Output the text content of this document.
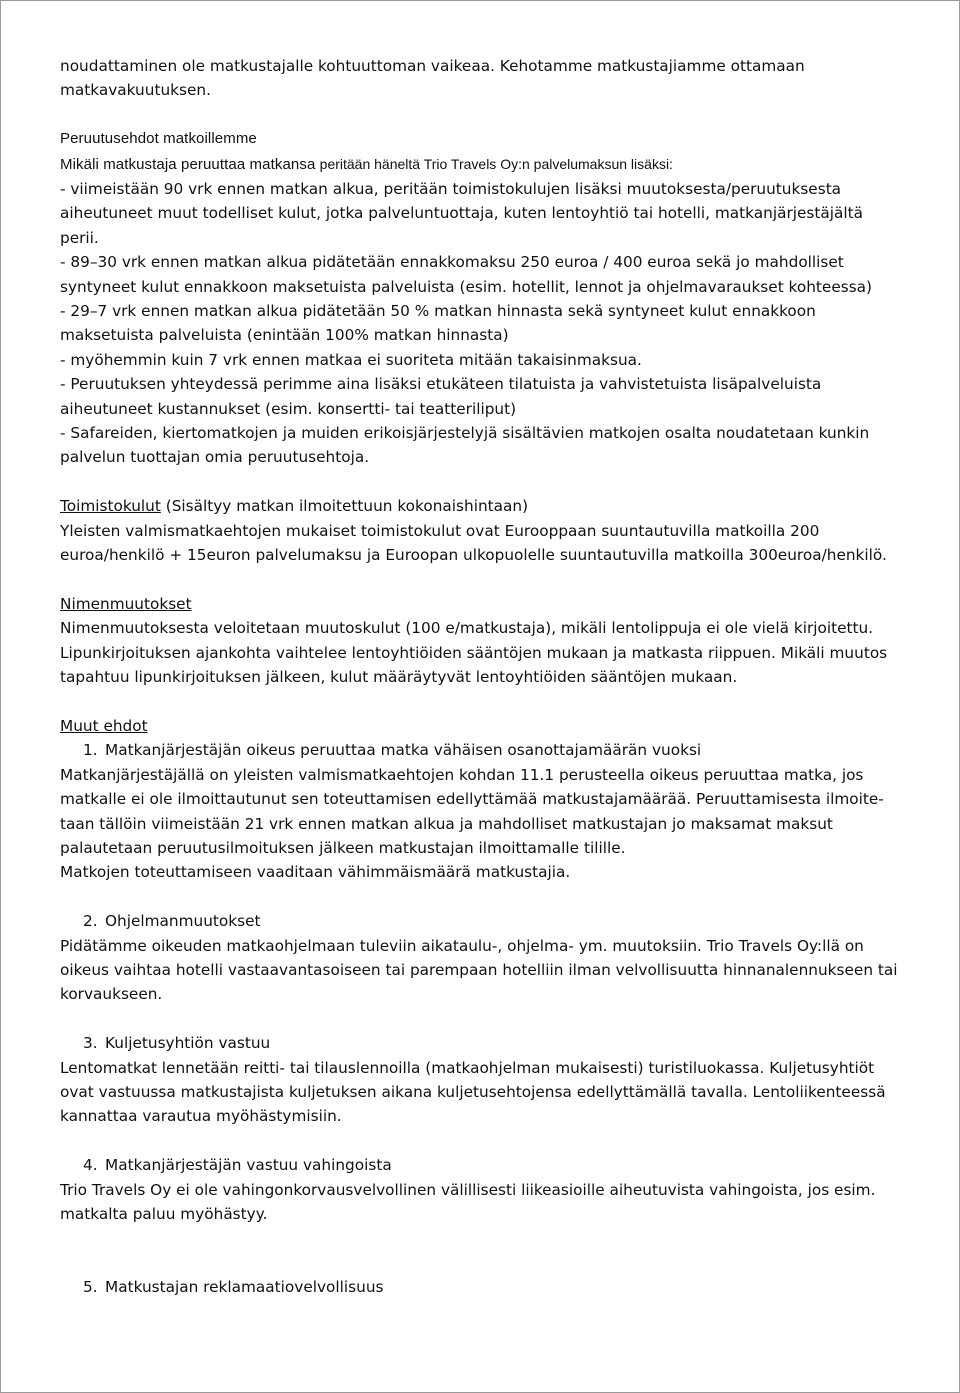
noudattaminen ole matkustajalle kohtuuttoman vaikeaa. Kehotamme matkustajiamme ottamaan

matkavakuutuksen.

Peruutusehdot matkoillemme

Mikäli matkustaja peruuttaa matkansa peritään häneltä Trio Travels Oy:n palvelumaksun lisäksi:

- viimeistään 90 vrk ennen matkan alkua, peritään toimistokulujen lisäksi muutoksesta/peruutuksesta

aiheutuneet muut todelliset kulut, jotka palveluntuottaja, kuten lentoyhtiö tai hotelli, matkanjärjestäjältä

perii.

- 89–30 vrk ennen matkan alkua pidätetään ennakkomaksu 250 euroa / 400 euroa sekä jo mahdolliset

syntyneet kulut ennakkoon maksetuista palveluista (esim. hotellit, lennot ja ohjelmavaraukset kohteessa)

- 29–7 vrk ennen matkan alkua pidätetään 50 % matkan hinnasta sekä syntyneet kulut ennakkoon

maksetuista palveluista (enintään 100% matkan hinnasta)

- myöhemmin kuin 7 vrk ennen matkaa ei suoriteta mitään takaisinmaksua.

- Peruutuksen yhteydessä perimme aina lisäksi etukäteen tilatuista ja vahvistetuista lisäpalveluista

aiheutuneet kustannukset (esim. konsertti- tai teatteriliput)

- Safareiden, kiertomatkojen ja muiden erikoisjärjestelyjä sisältävien matkojen osalta noudatetaan kunkin

palvelun tuottajan omia peruutusehtoja.

Toimistokulut (Sisältyy matkan ilmoitettuun kokonaishintaan)

Yleisten valmismatkaehtojen mukaiset toimistokulut ovat Eurooppaan suuntautuvilla matkoilla 200

euroa/henkilö + 15euron palvelumaksu ja Euroopan ulkopuolelle suuntautuvilla matkoilla 300euroa/henkilö.

Nimenmuutokset

Nimenmuutoksesta veloitetaan muutoskulut (100 e/matkustaja), mikäli lentolippuja ei ole vielä kirjoitettu.

Lipunkirjoituksen ajankohta vaihtelee lentoyhtiöiden sääntöjen mukaan ja matkasta riippuen. Mikäli muutos

tapahtuu lipunkirjoituksen jälkeen, kulut määräytyvät lentoyhtiöiden sääntöjen mukaan.

Muut ehdot

1. Matkanjärjestäjän oikeus peruuttaa matka vähäisen osanottajamäärän vuoksi

Matkanjärjestäjällä on yleisten valmismatkaehtojen kohdan 11.1 perusteella oikeus peruuttaa matka, jos

matkalle ei ole ilmoittautunut sen toteuttamisen edellyttämää matkustajamäärää. Peruuttamisesta ilmoite-

taan tällöin viimeistään 21 vrk ennen matkan alkua ja mahdolliset matkustajan jo maksamat maksut

palautetaan peruutusilmoituksen jälkeen matkustajan ilmoittamalle tilille.

Matkojen toteuttamiseen vaaditaan vähimmäismäärä matkustajia.

2. Ohjelmanmuutokset

Pidätämme oikeuden matkaohjelmaan tuleviin aikataulu-, ohjelma- ym. muutoksiin. Trio Travels Oy:llä on

oikeus vaihtaa hotelli vastaavantasoiseen tai parempaan hotelliin ilman velvollisuutta hinnanalennukseen tai

korvaukseen.

3. Kuljetusyhtiön vastuu

Lentomatkat lennetään reitti- tai tilauslennoilla (matkaohjelman mukaisesti) turistiluokassa. Kuljetusyhtiöt

ovat vastuussa matkustajista kuljetuksen aikana kuljetusehtojensa edellyttämällä tavalla. Lentoliikenteessä

kannattaa varautua myöhästymisiin.

4. Matkanjärjestäjän vastuu vahingoista

Trio Travels Oy ei ole vahingonkorvausvelvollinen välillisesti liikeasioille aiheutuvista vahingoista, jos esim.

matkalta paluu myöhästyy.

5. Matkustajan reklamaatiovelvollisuus
